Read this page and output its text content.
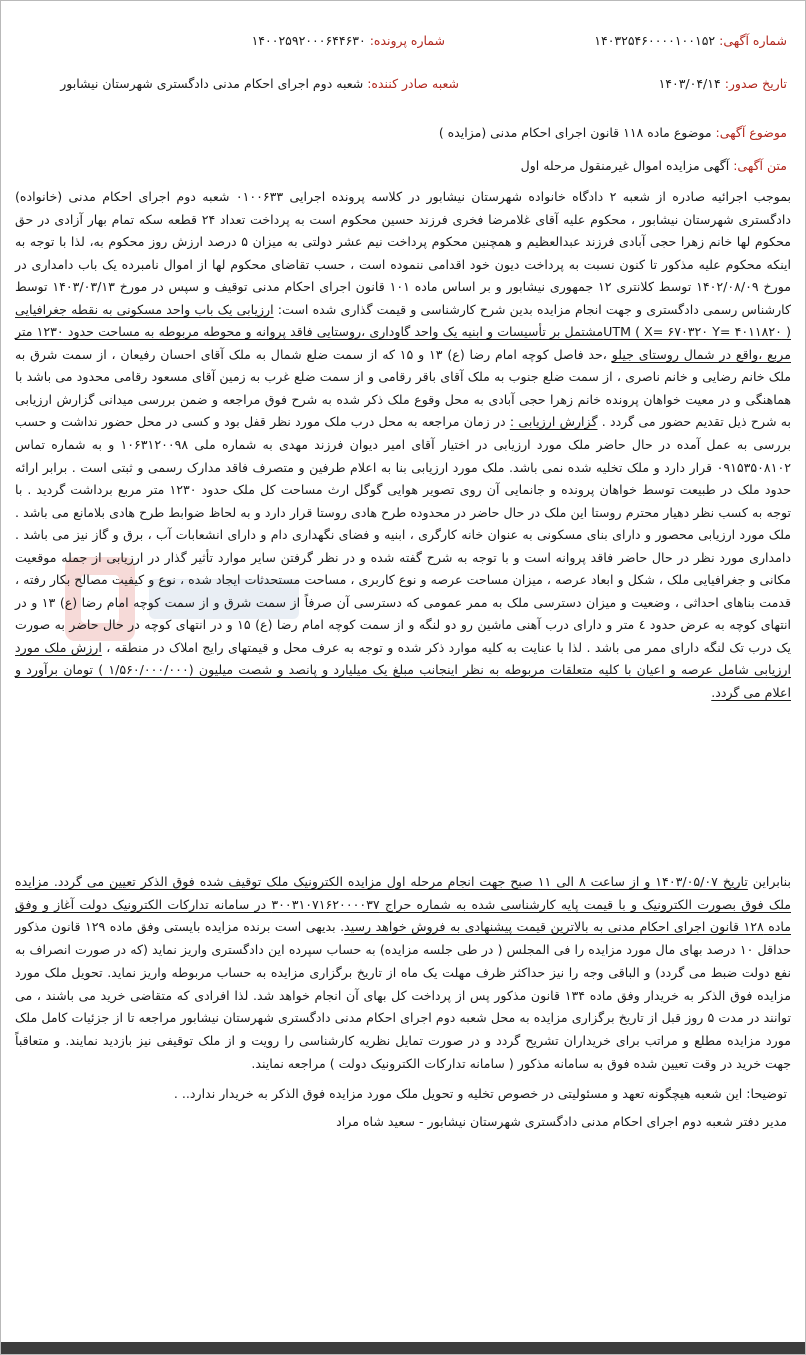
شماره آگهی: ۱۴۰۳۲۵۴۶۰۰۰۰۱۰۰۱۵۲
شماره پرونده: ۱۴۰۰۲۵۹۲۰۰۰۶۴۴۶۳۰
تاریخ صدور: ۱۴۰۳/۰۴/۱۴
شعبه صادر کننده: شعبه دوم اجرای احکام مدنی دادگستری شهرستان نیشابور
موضوع آگهی: موضوع ماده ۱۱۸ قانون اجرای احکام مدنی (مزایده )
متن آگهی: آگهی مزایده اموال غیرمنقول مرحله اول
بموجب اجرائیه صادره از شعبه ۲ دادگاه خانواده شهرستان نیشابور در کلاسه پرونده اجرایی ۰۱۰۰۶۳۳ شعبه دوم اجرای احکام مدنی (خانواده) دادگستری شهرستان نیشابور ، محکوم علیه آقای غلامرضا فخری فرزند حسین محکوم است به پرداخت تعداد ۲۴ قطعه سکه تمام بهار آزادی در حق محکوم لها خانم زهرا حجی آبادی فرزند عبدالعظیم و همچنین محکوم پرداخت نیم عشر دولتی به میزان ۵ درصد ارزش روز محکوم به، لذا با توجه به اینکه محکوم علیه مذکور تا کنون نسبت به پرداخت دیون خود اقدامی ننموده است ، حسب تقاضای محکوم لها از اموال نامبرده یک باب دامداری در مورخ ۱۴۰۲/۰۸/۰۹ توسط کلانتری ۱۲ جمهوری نیشابور و بر اساس ماده ۱۰۱ قانون اجرای احکام مدنی توقیف و سپس در مورخ ۱۴۰۳/۰۳/۱۳ توسط کارشناس رسمی دادگستری و جهت انجام مزایده بدین شرح کارشناسی و قیمت گذاری شده است: ارزیابی یک باب واحد مسکونی به نقطه جغرافیایی ( UTM ( X= ۶۷۰۳۲۰ Y= ۴۰۱۱۸۲۰مشتمل بر تأسیسات و ابنیه یک واحد گاوداری ،روستایی فاقد پروانه و محوطه مربوطه به مساحت حدود ۱۲۳۰ متر مربع ،واقع در شمال روستای جیلو ،حد فاصل کوچه امام رضا (ع) ۱۳ و ۱۵ که از سمت ضلع شمال به ملک آقای احسان رفیعان ، از سمت شرق به ملک خانم رضایی و خانم ناصری ، از سمت ضلع جنوب به ملک آقای باقر رقامی و از سمت ضلع غرب به زمین آقای مسعود رقامی محدود می باشد با هماهنگی و در معیت خواهان پرونده خانم زهرا حجی آبادی به محل وقوع ملک ذکر شده به شرح فوق مراجعه و ضمن بررسی میدانی گزارش ارزیابی به شرح ذیل تقدیم حضور می گردد . گزارش ارزیابی : در زمان مراجعه به محل درب ملک مورد نظر قفل بود و کسی در محل حضور نداشت و حسب بررسی به عمل آمده در حال حاضر ملک مورد ارزیابی در اختیار آقای امیر دیوان فرزند مهدی به شماره ملی ۱۰۶۳۱۲۰۰۹۸ و به شماره تماس ۰۹۱۵۳۵۰۸۱۰۲ قرار دارد و ملک تخلیه شده نمی باشد. ملک مورد ارزیابی بنا به اعلام طرفین و متصرف فاقد مدارک رسمی و ثبتی است . برابر ارائه حدود ملک در طبیعت توسط خواهان پرونده و جانمایی آن روی تصویر هوایی گوگل ارث مساحت کل ملک حدود ۱۲۳۰ متر مربع برداشت گردید . با توجه به کسب نظر دهیار محترم روستا این ملک در حال حاضر در محدوده طرح هادی روستا قرار دارد و به لحاظ ضوابط طرح هادی بلامانع می باشد . ملک مورد ارزیابی محصور و دارای بنای مسکونی به عنوان خانه کارگری ، ابنیه و فضای نگهداری دام و دارای انشعابات آب ، برق و گاز نیز می باشد . دامداری مورد نظر در حال حاضر فاقد پروانه است و با توجه به شرح گفته شده و در نظر گرفتن سایر موارد تأثیر گذار در ارزیابی از جمله موقعیت مکانی و جغرافیایی ملک ، شکل و ابعاد عرصه ، میزان مساحت عرصه و نوع کاربری ، مساحت مستحدثات ایجاد شده ، نوع و کیفیت مصالح بکار رفته ، قدمت بناهای احداثی ، وضعیت و میزان دسترسی ملک به ممر عمومی که دسترسی آن صرفاً از سمت شرق و از سمت کوچه امام رضا (ع) ۱۳ و در انتهای کوچه به عرض حدود ٤ متر و دارای درب آهنی ماشین رو دو لنگه و از سمت کوچه امام رضا (ع) ۱۵ و در انتهای کوچه در حال حاضر به صورت یک درب تک لنگه دارای ممر می باشد . لذا با عنایت به کلیه موارد ذکر شده و توجه به عرف محل و قیمتهای رایج املاک در منطقه ، ارزش ملک مورد ارزیابی شامل عرصه و اعیان با کلیه متعلقات مربوطه به نظر اینجانب مبلغ یک میلیارد و پانصد و شصت میلیون (۱/۵۶۰/۰۰۰/۰۰۰ ) تومان برآورد و اعلام می گردد.
بنابراین تاریخ ۱۴۰۳/۰۵/۰۷ و از ساعت ۸ الی ۱۱ صبح جهت انجام مرحله اول مزایده الکترونیک ملک توقیف شده فوق الذکر تعیین می گردد. مزایده ملک فوق بصورت الکترونیک و با قیمت پایه کارشناسی شده به شماره حراج ۳۰۰۳۱۰۷۱۶۲۰۰۰۰۳۷ در سامانه تدارکات الکترونیک دولت آغاز و وفق ماده ۱۲۸ قانون اجرای احکام مدنی به بالاترین قیمت پیشنهادی به فروش خواهد رسید. بدیهی است برنده مزایده بایستی وفق ماده ۱۲۹ قانون مذکور حداقل ۱۰ درصد بهای مال مورد مزایده را فی المجلس ( در طی جلسه مزایده) به حساب سپرده این دادگستری واریز نماید (که در صورت انصراف به نفع دولت ضبط می گردد) و الباقی وجه را نیز حداکثر ظرف مهلت یک ماه از تاریخ برگزاری مزایده به حساب مربوطه واریز نماید. تحویل ملک مورد مزایده فوق الذکر به خریدار وفق ماده ۱۳۴ قانون مذکور پس از پرداخت کل بهای آن انجام خواهد شد. لذا افرادی که متقاضی خرید می باشند ، می توانند در مدت ۵ روز قبل از تاریخ برگزاری مزایده به محل شعبه دوم اجرای احکام مدنی دادگستری شهرستان نیشابور مراجعه تا از جزئیات کامل ملک مورد مزایده مطلع و مراتب برای خریداران تشریح گردد و در صورت تمایل نظریه کارشناسی را رویت و از ملک توقیفی نیز بازدید نمایند. و متعاقباً جهت خرید در وقت تعیین شده فوق به سامانه مذکور ( سامانه تدارکات الکترونیک دولت ) مراجعه نمایند.
توضیحا: این شعبه هیچگونه تعهد و مسئولیتی در خصوص تخلیه و تحویل ملک مورد مزایده فوق الذکر به خریدار ندارد.. .
مدیر دفتر شعبه دوم اجرای احکام مدنی دادگستری شهرستان نیشابور - سعید شاه مراد
